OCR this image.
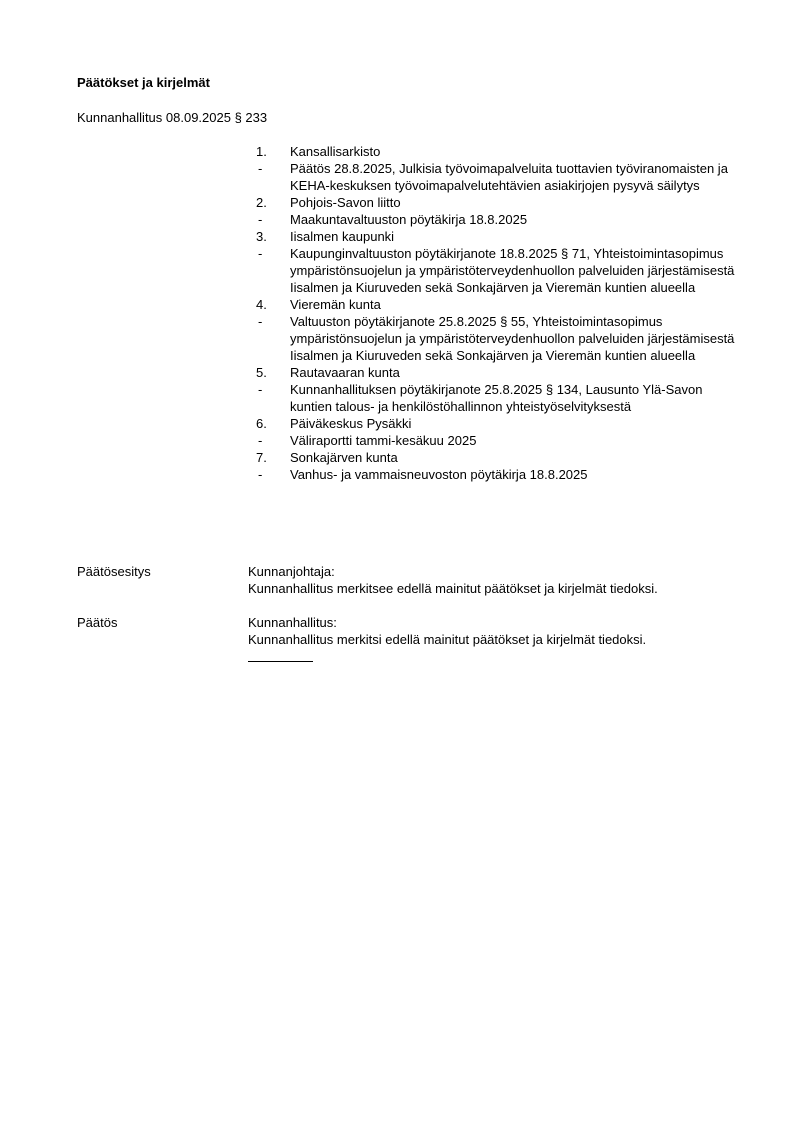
Päätökset ja kirjelmät
Kunnanhallitus 08.09.2025 § 233
1.	Kansallisarkisto
-	Päätös 28.8.2025, Julkisia työvoimapalveluita tuottavien työviranomaisten ja KEHA-keskuksen työvoimapalvelutehtävien asiakirjojen pysyvä säilytys
2.	Pohjois-Savon liitto
-	Maakuntavaltuuston pöytäkirja 18.8.2025
3.	Iisalmen kaupunki
-	Kaupunginvaltuuston pöytäkirjanote 18.8.2025 § 71, Yhteistoimintasopimus ympäristönsuojelun ja ympäristöterveydenhuollon palveluiden järjestämisestä Iisalmen ja Kiuruveden sekä Sonkajärven ja Vieremän kuntien alueella
4.	Vieremän kunta
-	Valtuuston pöytäkirjanote 25.8.2025 § 55, Yhteistoimintasopimus ympäristönsuojelun ja ympäristöterveydenhuollon palveluiden järjestämisestä Iisalmen ja Kiuruveden sekä Sonkajärven ja Vieremän kuntien alueella
5.	Rautavaaran kunta
-	Kunnanhallituksen pöytäkirjanote 25.8.2025 § 134, Lausunto Ylä-Savon kuntien talous- ja henkilöstöhallinnon yhteistyöselvityksestä
6.	Päiväkeskus Pysäkki
-	Väliraportti tammi-kesäkuu 2025
7.	Sonkajärven kunta
-	Vanhus- ja vammaisneuvoston pöytäkirja 18.8.2025
Päätösesitys	Kunnanjohtaja:
Kunnanhallitus merkitsee edellä mainitut päätökset ja kirjelmät tiedoksi.
Päätös	Kunnanhallitus:
Kunnanhallitus merkitsi edellä mainitut päätökset ja kirjelmät tiedoksi.
